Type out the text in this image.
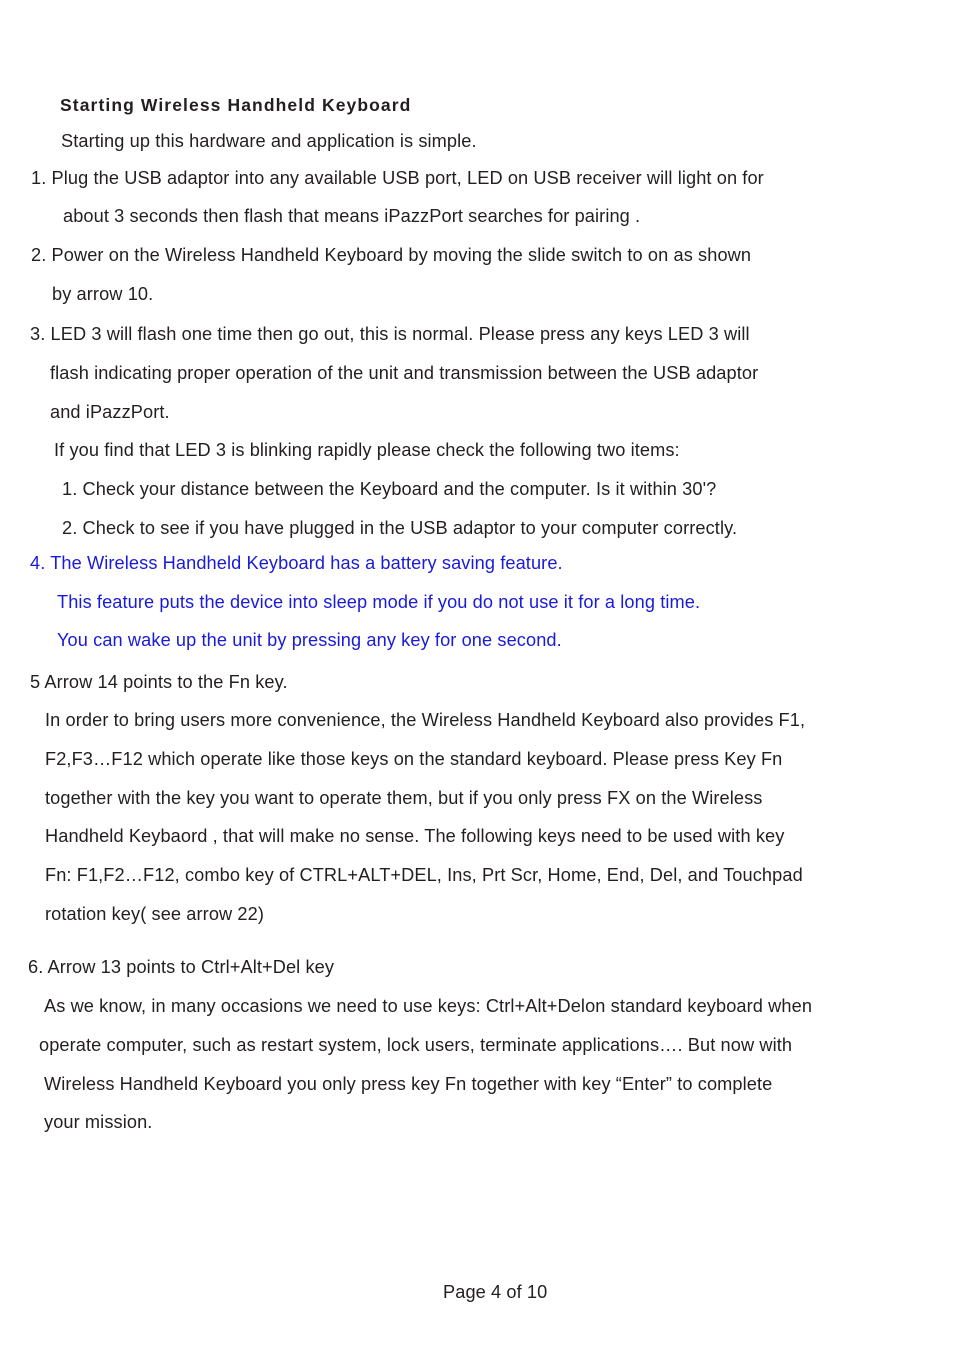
Starting Wireless Handheld Keyboard
Starting up this hardware and application is simple.
1. Plug the USB adaptor into any available USB port, LED on USB receiver will light on for
about 3 seconds then flash that means iPazzPort searches for pairing .
2. Power on the Wireless Handheld Keyboard by moving the slide switch to on as shown
by arrow 10.
3. LED 3 will flash one time then go out, this is normal. Please press any keys LED 3 will
flash indicating proper operation of the unit and transmission between the USB adaptor
and iPazzPort.
If you find that LED 3 is blinking rapidly please check the following two items:
1. Check your distance between the Keyboard and the computer. Is it within 30'?
2. Check to see if you have plugged in the USB adaptor to your computer correctly.
4. The Wireless Handheld Keyboard has a battery saving feature.
This feature puts the device into sleep mode if you do not use it for a long time.
You can wake up the unit by pressing any key for one second.
5 Arrow 14 points to the Fn key.
In order to bring users more convenience, the Wireless Handheld Keyboard also provides F1,
F2,F3…F12 which operate like those keys on the standard keyboard. Please press Key Fn
together with the key you want to operate them, but if you only press FX on the Wireless
Handheld Keybaord , that will make no sense. The following keys need to be used with key
Fn: F1,F2…F12, combo key of CTRL+ALT+DEL, Ins, Prt Scr, Home, End, Del, and Touchpad
rotation key( see arrow 22)
6. Arrow 13 points to Ctrl+Alt+Del key
As we know, in many occasions we need to use keys: Ctrl+Alt+Delon standard keyboard when
operate computer, such as restart system, lock users, terminate applications…. But now with
Wireless Handheld Keyboard you only press key Fn together with key “Enter” to complete
your mission.
Page 4 of 10
